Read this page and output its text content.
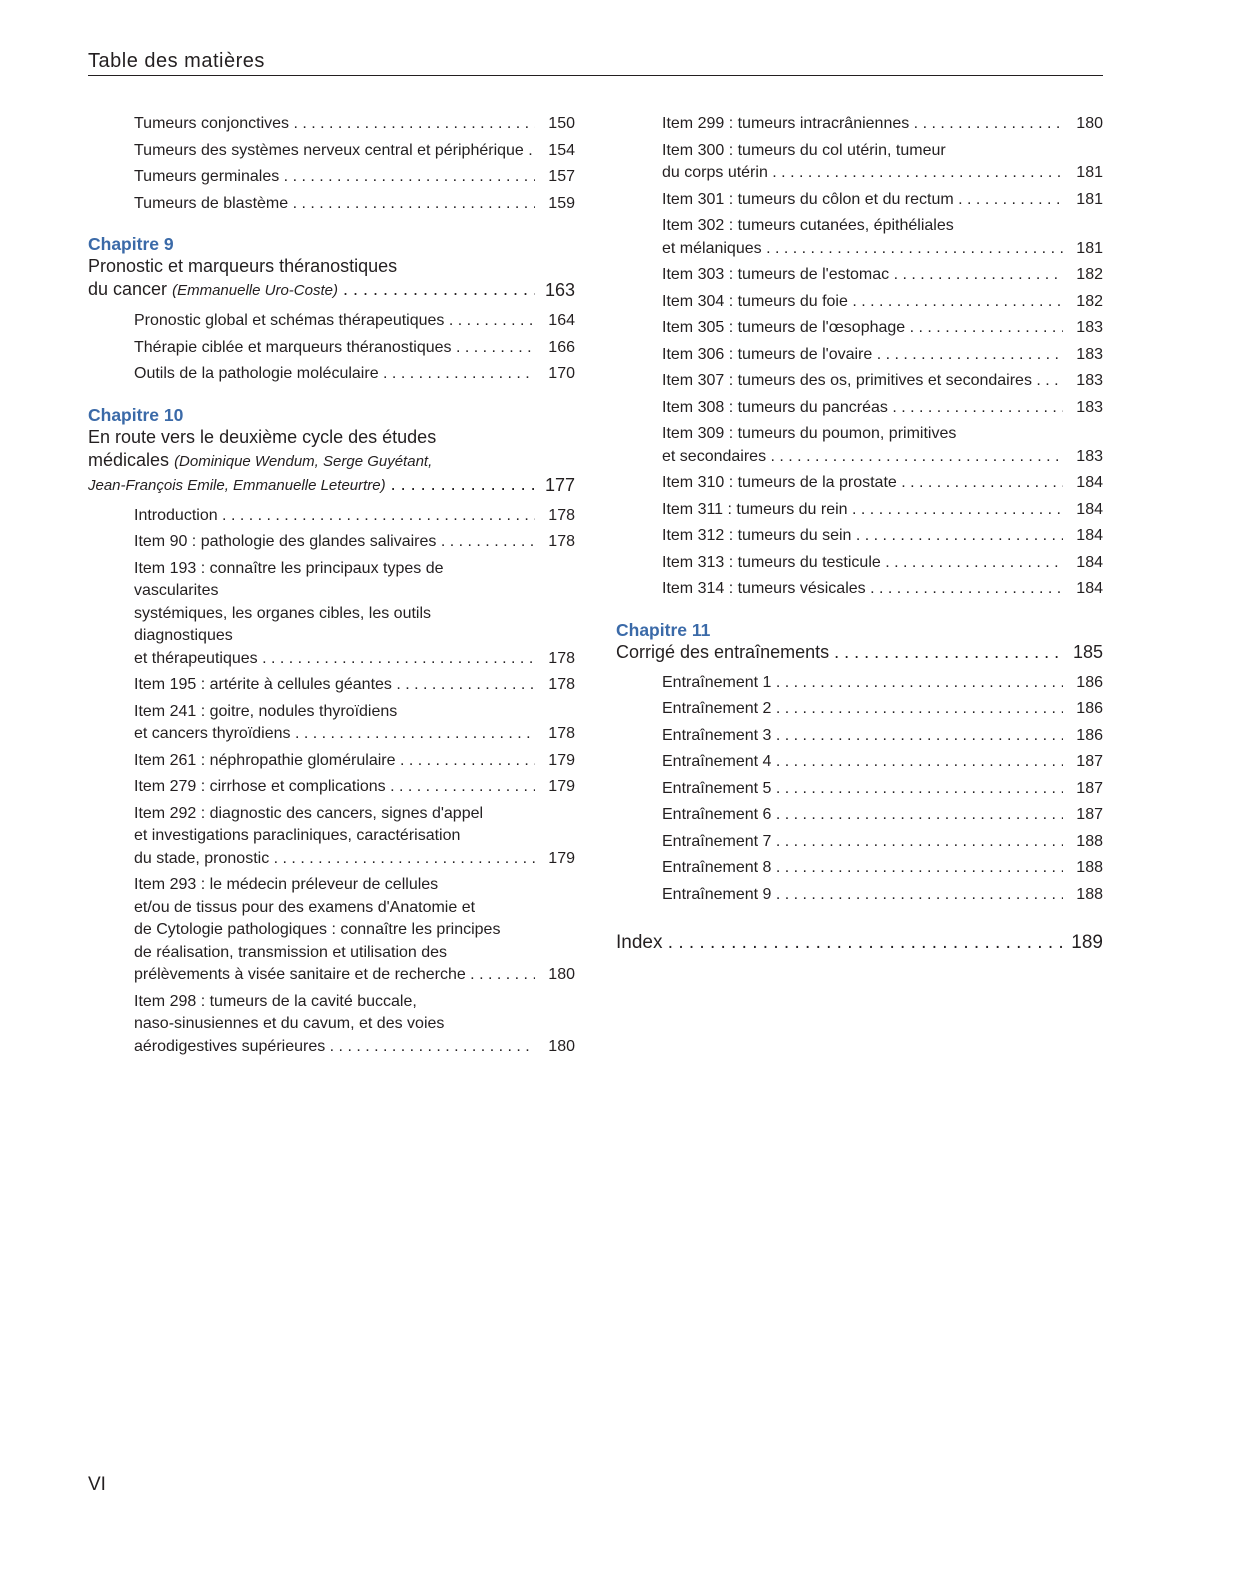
Table des matières
Tumeurs conjonctives . . .	150
Tumeurs des systèmes nerveux central et périphérique . . .	154
Tumeurs germinales . . .	157
Tumeurs de blastème . . .	159
Chapitre 9
Pronostic et marqueurs théranostiques
du cancer (Emmanuelle Uro-Coste) . . .	163
Pronostic global et schémas thérapeutiques . . .	164
Thérapie ciblée et marqueurs théranostiques . . .	166
Outils de la pathologie moléculaire . . .	170
Chapitre 10
En route vers le deuxième cycle des études
médicales (Dominique Wendum, Serge Guyétant,
Jean-François Emile, Emmanuelle Leteurtre) . . .	177
Introduction . . .	178
Item 90 : pathologie des glandes salivaires . . .	178
Item 193 : connaître les principaux types de vascularites
systémiques, les organes cibles, les outils diagnostiques
et thérapeutiques . . .	178
Item 195 : artérite à cellules géantes . . .	178
Item 241 : goitre, nodules thyroïdiens
et cancers thyroïdiens . . .	178
Item 261 : néphropathie glomérulaire . . .	179
Item 279 : cirrhose et complications . . .	179
Item 292 : diagnostic des cancers, signes d'appel
et investigations paracliniques, caractérisation
du stade, pronostic . . .	179
Item 293 : le médecin préleveur de cellules
et/ou de tissus pour des examens d'Anatomie et
de Cytologie pathologiques : connaître les principes
de réalisation, transmission et utilisation des
prélèvements à visée sanitaire et de recherche . . .	180
Item 298 : tumeurs de la cavité buccale,
naso-sinusiennes et du cavum, et des voies
aérodigestives supérieures . . .	180
Item 299 : tumeurs intracrâniennes . . .	180
Item 300 : tumeurs du col utérin, tumeur
du corps utérin . . .	181
Item 301 : tumeurs du côlon et du rectum . . .	181
Item 302 : tumeurs cutanées, épithéliales
et mélaniques . . .	181
Item 303 : tumeurs de l'estomac . . .	182
Item 304 : tumeurs du foie . . .	182
Item 305 : tumeurs de l'œsophage . . .	183
Item 306 : tumeurs de l'ovaire . . .	183
Item 307 : tumeurs des os, primitives et secondaires . . .	183
Item 308 : tumeurs du pancréas . . .	183
Item 309 : tumeurs du poumon, primitives
et secondaires . . .	183
Item 310 : tumeurs de la prostate . . .	184
Item 311 : tumeurs du rein . . .	184
Item 312 : tumeurs du sein . . .	184
Item 313 : tumeurs du testicule . . .	184
Item 314 : tumeurs vésicales . . .	184
Chapitre 11
Corrigé des entraînements . . .	185
Entraînement 1 . . .	186
Entraînement 2 . . .	186
Entraînement 3 . . .	186
Entraînement 4 . . .	187
Entraînement 5 . . .	187
Entraînement 6 . . .	187
Entraînement 7 . . .	188
Entraînement 8 . . .	188
Entraînement 9 . . .	188
Index . . .	189
VI
